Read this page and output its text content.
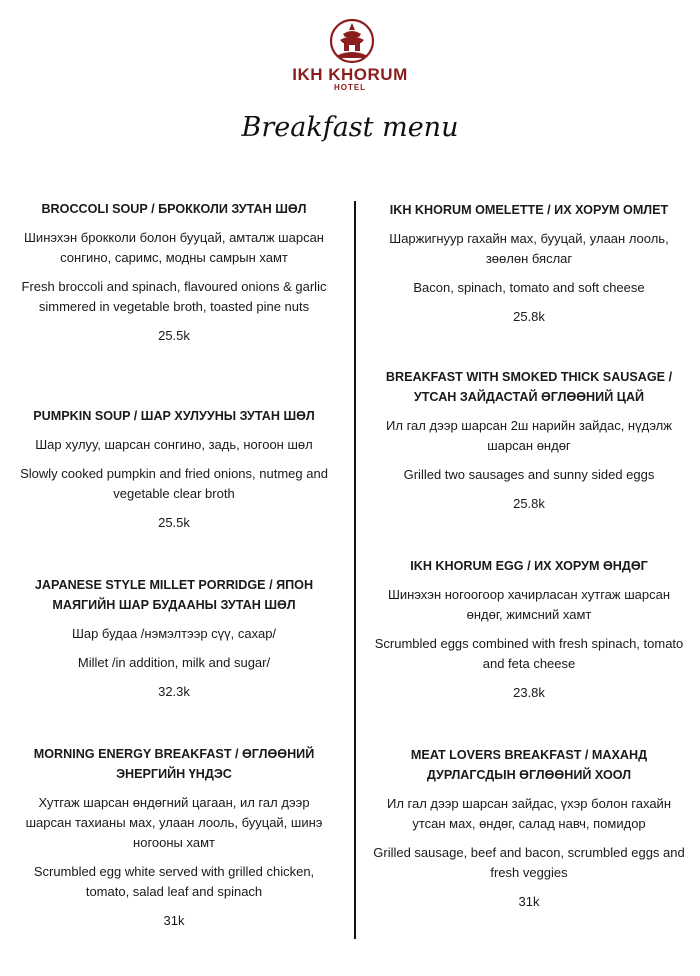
IKH KHORUM
HOTEL
Breakfast menu
BROCCOLI SOUP / БРОККОЛИ ЗУТАН ШӨЛ
Шинэхэн брокколи болон бууцай, амталж шарсан сонгино, саримс, модны самрын хамт
Fresh broccoli and spinach, flavoured onions & garlic simmered in vegetable broth, toasted pine nuts
25.5k
PUMPKIN SOUP / ШАР ХУЛУУНЫ ЗУТАН ШӨЛ
Шар хулуу, шарсан сонгино, задь, ногоон шөл
Slowly cooked pumpkin and fried onions, nutmeg and vegetable clear broth
25.5k
JAPANESE STYLE MILLET PORRIDGE / ЯПОН МАЯГИЙН ШАР БУДААНЫ ЗУТАН ШӨЛ
Шар будаа /нэмэлтээр сүү, сахар/
Millet /in addition, milk and sugar/
32.3k
MORNING ENERGY BREAKFAST / ӨГЛӨӨНИЙ ЭНЕРГИЙН ҮНДЭС
Хутгаж шарсан өндөгний цагаан, ил гал дээр шарсан тахианы мах, улаан лооль, бууцай, шинэ ногооны хамт
Scrumbled egg white served with grilled chicken, tomato, salad leaf and spinach
31k
IKH KHORUM OMELETTE / ИХ ХОРУМ ОМЛЕТ
Шаржигнуур гахайн мах, бууцай, улаан лооль, зөөлөн бяслаг
Bacon, spinach, tomato and soft cheese
25.8k
BREAKFAST WITH SMOKED THICK SAUSAGE / УТСАН ЗАЙДАСТАЙ ӨГЛӨӨНИЙ ЦАЙ
Ил гал дээр шарсан 2ш нарийн зайдас, нүдэлж шарсан өндөг
Grilled two sausages and sunny sided eggs
25.8k
IKH KHORUM EGG / ИХ ХОРУМ ӨНДӨГ
Шинэхэн ногоогоор хачирласан хутгаж шарсан өндөг, жимсний хамт
Scrumbled eggs combined with fresh spinach, tomato and feta cheese
23.8k
MEAT LOVERS BREAKFAST / МАХАНД ДУРЛАГСДЫН ӨГЛӨӨНИЙ ХООЛ
Ил гал дээр шарсан зайдас, үхэр болон гахайн утсан мах, өндөг, салад навч, помидор
Grilled sausage, beef and bacon, scrumbled eggs and fresh veggies
31k
